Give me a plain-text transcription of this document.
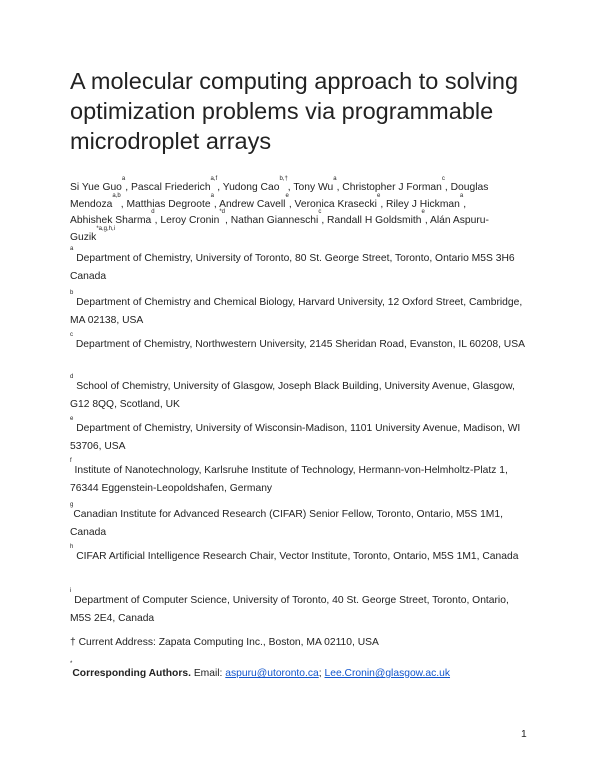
A molecular computing approach to solving optimization problems via programmable microdroplet arrays

Si Yue Guo$^a$, Pascal Friederich$^{a,f}$, Yudong Cao$^{b,\dagger}$, Tony Wu$^a$, Christopher J Forman$^c$, Douglas Mendoza$^{a,b}$, Matthias Degroote$^a$, Andrew Cavell$^e$, Veronica Krasecki$^e$, Riley J Hickman$^a$, Abhishek Sharma$^d$, Leroy Cronin$^{*d}$, Nathan Gianneschi$^c$, Randall H Goldsmith$^e$, Alán Aspuru-Guzik$^{*a,g,h,i}$

$^a$ Department of Chemistry, University of Toronto, 80 St. George Street, Toronto, Ontario M5S 3H6 Canada

$^b$ Department of Chemistry and Chemical Biology, Harvard University, 12 Oxford Street, Cambridge, MA 02138, USA

$^c$ Department of Chemistry, Northwestern University, 2145 Sheridan Road, Evanston, IL 60208, USA

$^d$ School of Chemistry, University of Glasgow, Joseph Black Building, University Avenue, Glasgow, G12 8QQ, Scotland, UK

$^e$ Department of Chemistry, University of Wisconsin-Madison, 1101 University Avenue, Madison, WI 53706, USA

$^f$ Institute of Nanotechnology, Karlsruhe Institute of Technology, Hermann-von-Helmholtz-Platz 1, 76344 Eggenstein-Leopoldshafen, Germany

$^g$Canadian Institute for Advanced Research (CIFAR) Senior Fellow, Toronto, Ontario, M5S 1M1, Canada

$^h$ CIFAR Artificial Intelligence Research Chair, Vector Institute, Toronto, Ontario, M5S 1M1, Canada

$^i$ Department of Computer Science, University of Toronto, 40 St. George Street, Toronto, Ontario, M5S 2E4, Canada

† Current Address: Zapata Computing Inc., Boston, MA 02110, USA

*Corresponding Authors. Email: aspuru@utoronto.ca; Lee.Cronin@glasgow.ac.uk

1
